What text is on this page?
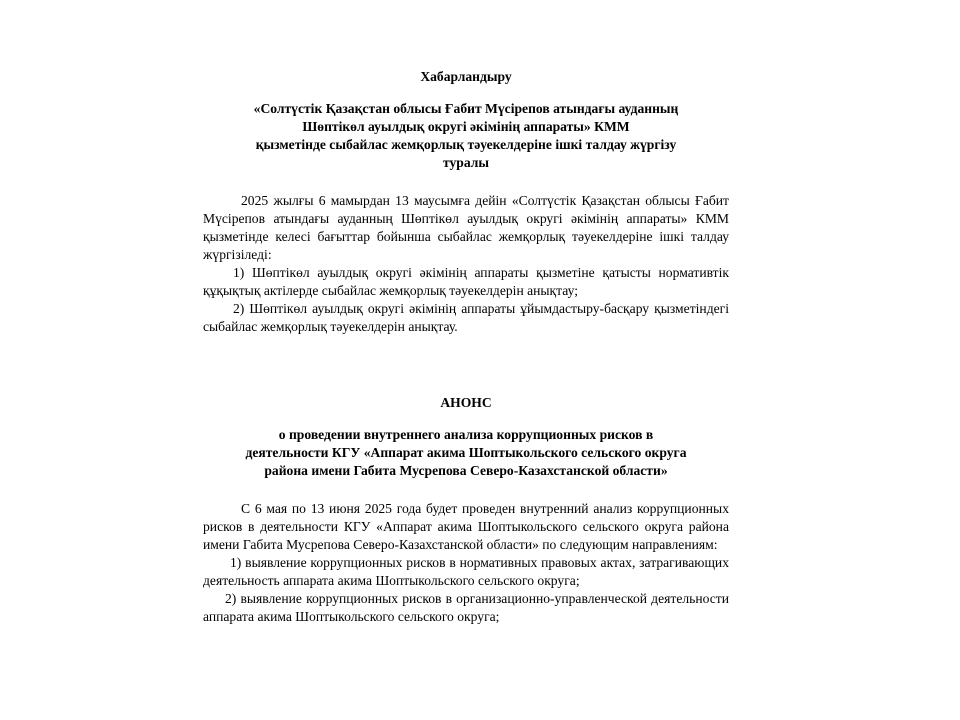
Хабарландыру

«Солтүстік Қазақстан облысы Ғабит Мүсірепов атындағы ауданның

Шөптікөл ауылдық округі әкімінің аппараты» КММ

қызметінде сыбайлас жемқорлық тәуекелдеріне ішкі талдау жүргізу

туралы

2025 жылғы 6 мамырдан 13 маусымға дейін «Солтүстік Қазақстан облысы Ғабит Мүсірепов атындағы ауданның Шөптікөл ауылдық округі әкімінің аппараты» КММ қызметінде келесі бағыттар бойынша сыбайлас жемқорлық тәуекелдеріне ішкі талдау жүргізіледі:

1) Шөптікөл ауылдық округі әкімінің аппараты қызметіне қатысты нормативтік құқықтық актілерде сыбайлас жемқорлық тәуекелдерін анықтау;

2) Шөптікөл ауылдық округі әкімінің аппараты ұйымдастыру-басқару қызметіндегі сыбайлас жемқорлық тәуекелдерін анықтау.

АНОНС

о проведении внутреннего анализа коррупционных рисков в

деятельности КГУ «Аппарат акима Шоптыкольского сельского округа

района имени Габита Мусрепова Северо-Казахстанской области»

С 6 мая по 13 июня 2025 года будет проведен внутренний анализ коррупционных рисков в деятельности КГУ «Аппарат акима Шоптыкольского сельского округа района имени Габита Мусрепова Северо-Казахстанской области» по следующим направлениям:

1) выявление коррупционных рисков в нормативных правовых актах, затрагивающих деятельность аппарата акима Шоптыкольского сельского округа;

2) выявление коррупционных рисков в организационно-управленческой деятельности аппарата акима Шоптыкольского сельского округа;
